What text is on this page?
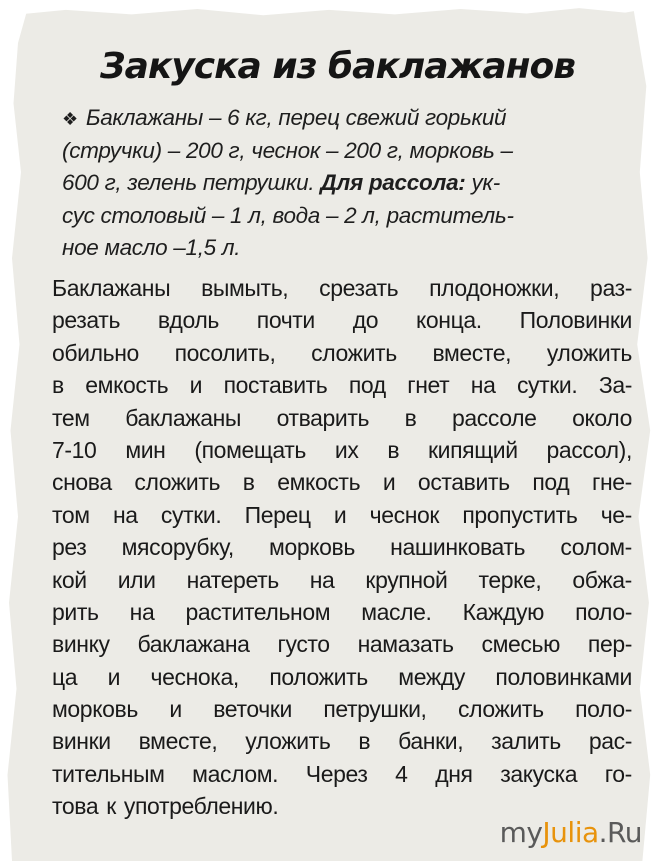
Закуска из баклажанов
❖ Баклажаны – 6 кг, перец свежий горький
(стручки) – 200 г, чеснок – 200 г, морковь –
600 г, зелень петрушки. Для рассола: ук-
сус столовый – 1 л, вода – 2 л, раститель-
ное масло –1,5 л.
Баклажаны вымыть, срезать плодоножки, раз-
резать вдоль почти до конца. Половинки
обильно посолить, сложить вместе, уложить
в емкость и поставить под гнет на сутки. За-
тем баклажаны отварить в рассоле около
7-10 мин (помещать их в кипящий рассол),
снова сложить в емкость и оставить под гне-
том на сутки. Перец и чеснок пропустить че-
рез мясорубку, морковь нашинковать солом-
кой или натереть на крупной терке, обжа-
рить на растительном масле. Каждую поло-
винку баклажана густо намазать смесью пер-
ца и чеснока, положить между половинками
морковь и веточки петрушки, сложить поло-
винки вместе, уложить в банки, залить рас-
тительным маслом. Через 4 дня закуска го-
това к употреблению.
myJulia.Ru
